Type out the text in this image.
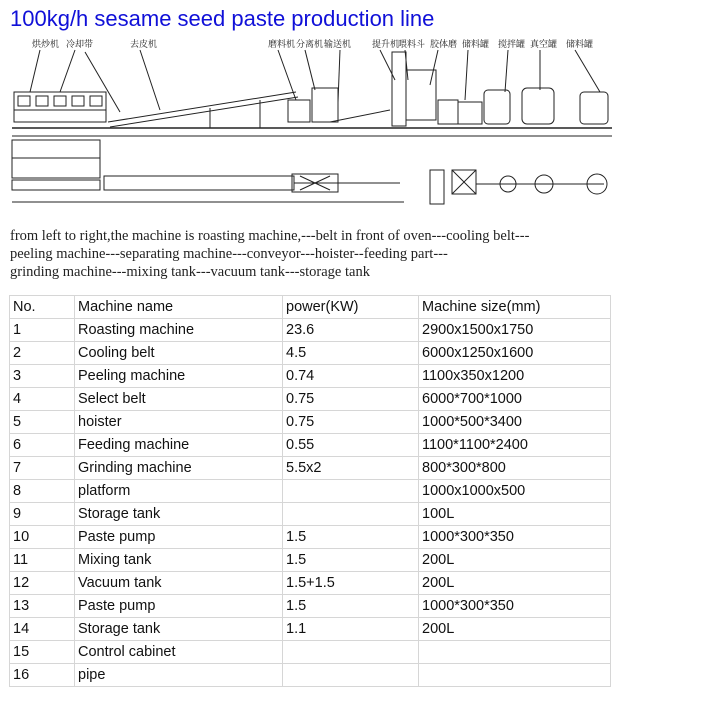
100kg/h sesame seed paste production line
烘炒机 冷却带	去皮机	磨料机 分离机 输送机 提升机
喂料斗 胶体磨 储料罐 搅拌罐 真空罐 储料罐
from left to right,the machine is roasting machine,---belt in front of oven---cooling belt---
peeling machine---separating machine---conveyor---hoister--feeding part---
grinding machine---mixing tank---vacuum tank---storage tank
No.	Machine name	power(KW)	Machine size(mm)
1	Roasting machine	23.6	2900x1500x1750
2	Cooling belt	4.5	6000x1250x1600
3	Peeling machine	0.74	1100x350x1200
4	Select belt	0.75	6000*700*1000
5	hoister	0.75	1000*500*3400
6	Feeding machine	0.55	1100*1100*2400
7	Grinding machine	5.5x2	800*300*800
8	platform		1000x1000x500
9	Storage tank		100L
10	Paste pump	1.5	1000*300*350
11	Mixing tank	1.5	200L
12	Vacuum tank	1.5+1.5	200L
13	Paste pump	1.5	1000*300*350
14	Storage tank	1.1	200L
15	Control cabinet		
16	pipe		
